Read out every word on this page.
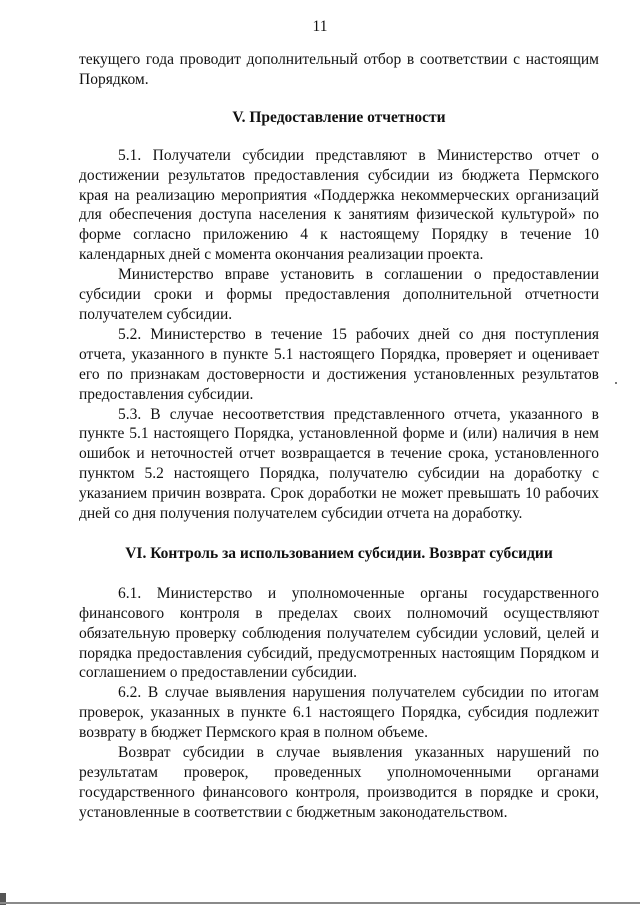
11

текущего года проводит дополнительный отбор в соответствии с настоящим Порядком.

V. Предоставление отчетности

5.1. Получатели субсидии представляют в Министерство отчет о достижении результатов предоставления субсидии из бюджета Пермского края на реализацию мероприятия «Поддержка некоммерческих организаций для обеспечения доступа населения к занятиям физической культурой» по форме согласно приложению 4 к настоящему Порядку в течение 10 календарных дней с момента окончания реализации проекта.

Министерство вправе установить в соглашении о предоставлении субсидии сроки и формы предоставления дополнительной отчетности получателем субсидии.

5.2. Министерство в течение 15 рабочих дней со дня поступления отчета, указанного в пункте 5.1 настоящего Порядка, проверяет и оценивает его по признакам достоверности и достижения установленных результатов предоставления субсидии.

5.3. В случае несоответствия представленного отчета, указанного в пункте 5.1 настоящего Порядка, установленной форме и (или) наличия в нем ошибок и неточностей отчет возвращается в течение срока, установленного пунктом 5.2 настоящего Порядка, получателю субсидии на доработку с указанием причин возврата. Срок доработки не может превышать 10 рабочих дней со дня получения получателем субсидии отчета на доработку.

VI. Контроль за использованием субсидии. Возврат субсидии

6.1. Министерство и уполномоченные органы государственного финансового контроля в пределах своих полномочий осуществляют обязательную проверку соблюдения получателем субсидии условий, целей и порядка предоставления субсидий, предусмотренных настоящим Порядком и соглашением о предоставлении субсидии.

6.2. В случае выявления нарушения получателем субсидии по итогам проверок, указанных в пункте 6.1 настоящего Порядка, субсидия подлежит возврату в бюджет Пермского края в полном объеме.

Возврат субсидии в случае выявления указанных нарушений по результатам проверок, проведенных уполномоченными органами государственного финансового контроля, производится в порядке и сроки, установленные в соответствии с бюджетным законодательством.
